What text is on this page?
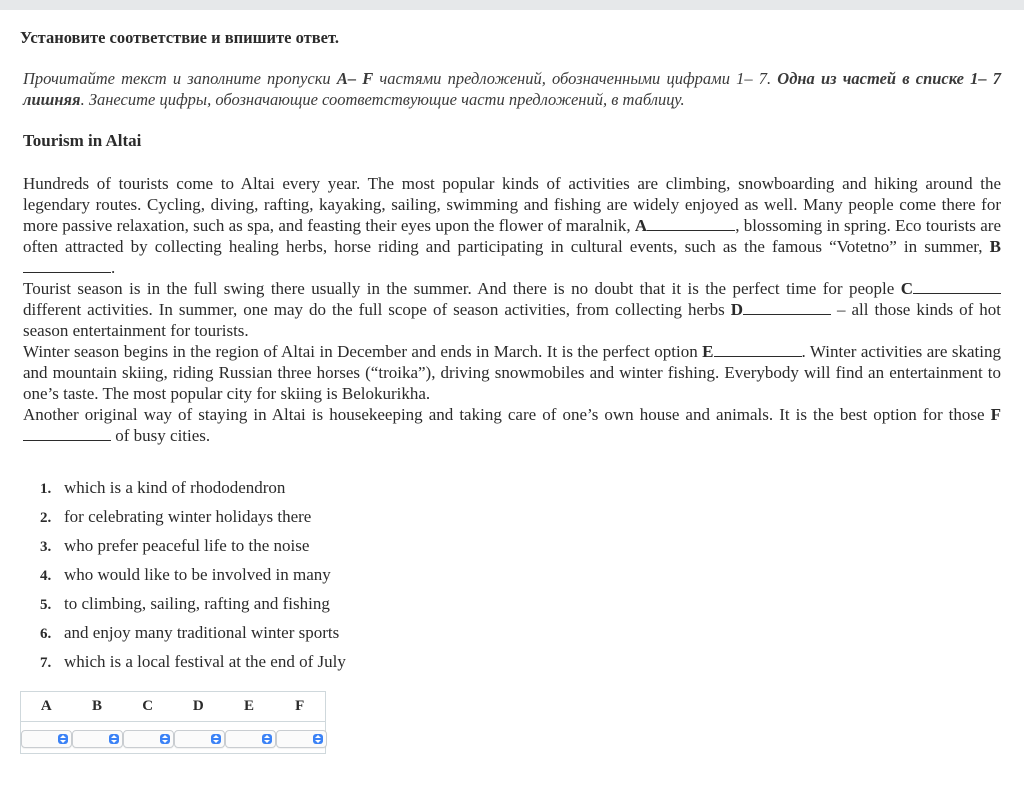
Установите соответствие и впишите ответ.
Прочитайте текст и заполните пропуски A– F частями предложений, обозначенными цифрами 1– 7. Одна из частей в списке 1– 7 лишняя. Занесите цифры, обозначающие соответствующие части предложений, в таблицу.
Tourism in Altai

Hundreds of tourists come to Altai every year. The most popular kinds of activities are climbing, snowboarding and hiking around the legendary routes. Cycling, diving, rafting, kayaking, sailing, swimming and fishing are widely enjoyed as well. Many people come there for more passive relaxation, such as spa, and feasting their eyes upon the flower of maralnik, A	, blossoming in spring. Eco tourists are often attracted by collecting healing herbs, horse riding and participating in cultural events, such as the famous “Votetno” in summer, B.

Tourist season is in the full swing there usually in the summer. And there is no doubt that it is the perfect time for people C different activities. In summer, one may do the full scope of season activities, from collecting herbs D	– all those kinds of hot season entertainment for tourists.

Winter season begins in the region of Altai in December and ends in March. It is the perfect option E	. Winter activities are skating and mountain skiing, riding Russian three horses (“troika”), driving snowmobiles and winter fishing. Everybody will find an entertainment to one’s taste. The most popular city for skiing is Belokurikha.

Another original way of staying in Altai is housekeeping and taking care of one’s own house and animals. It is the best option for those F of busy cities.

1. which is a kind of rhododendron
2. for celebrating winter holidays there
3. who prefer peaceful life to the noise
4. who would like to be involved in many
5. to climbing, sailing, rafting and fishing
6. and enjoy many traditional winter sports
7. which is a local festival at the end of July
A	B	C	D	E	F
